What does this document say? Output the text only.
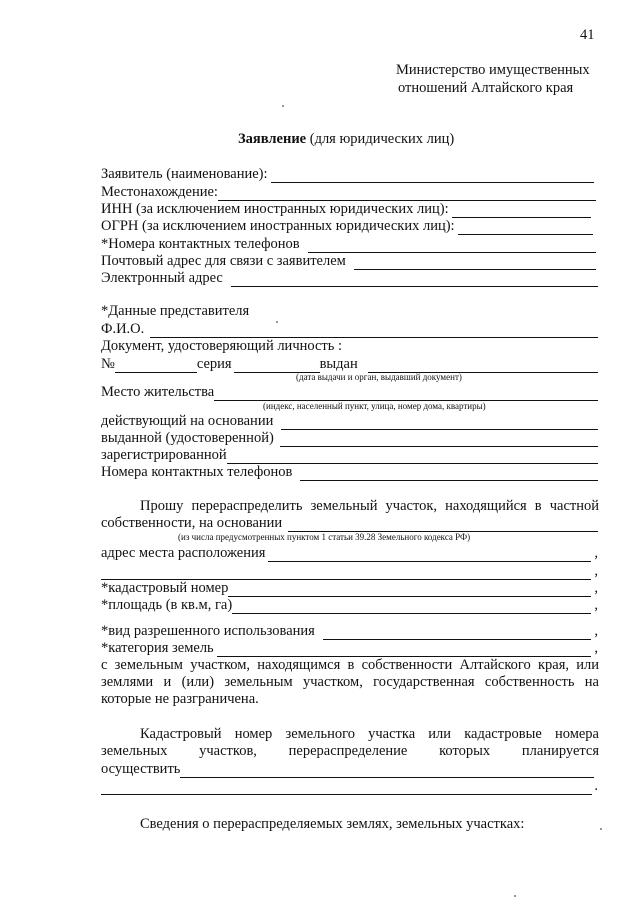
41
Министерство имущественных
отношений Алтайского края
Заявление (для юридических лиц)
Заявитель (наименование):
Местонахождение:
ИНН (за исключением иностранных юридических лиц):
ОГРН (за исключением иностранных юридических лиц):
*Номера контактных телефонов
Почтовый адрес для связи с заявителем
Электронный адрес
*Данные представителя
Ф.И.О.
Документ, удостоверяющий личность :
№	серия	выдан
(дата выдачи и орган, выдавший документ)
Место жительства
(индекс, населенный пункт, улица, номер дома, квартиры)
действующий на основании
выданной (удостоверенной)
зарегистрированной
Номера контактных телефонов
Прошу перераспределить земельный участок, находящийся в частной
собственности, на основании
(из числа предусмотренных пунктом 1 статьи 39.28 Земельного кодекса РФ)
адрес места расположения	,
,
*кадастровый номер	,
*площадь (в кв.м, га)	,
*вид разрешенного использования	,
*категория земель	,
с земельным участком, находящимся в собственности Алтайского края, или
землями и (или) земельным участком, государственная собственность на
которые не разграничена.
Кадастровый номер земельного участка или кадастровые номера
земельных участков, перераспределение которых планируется
осуществить
.
Сведения о перераспределяемых землях, земельных участках:
